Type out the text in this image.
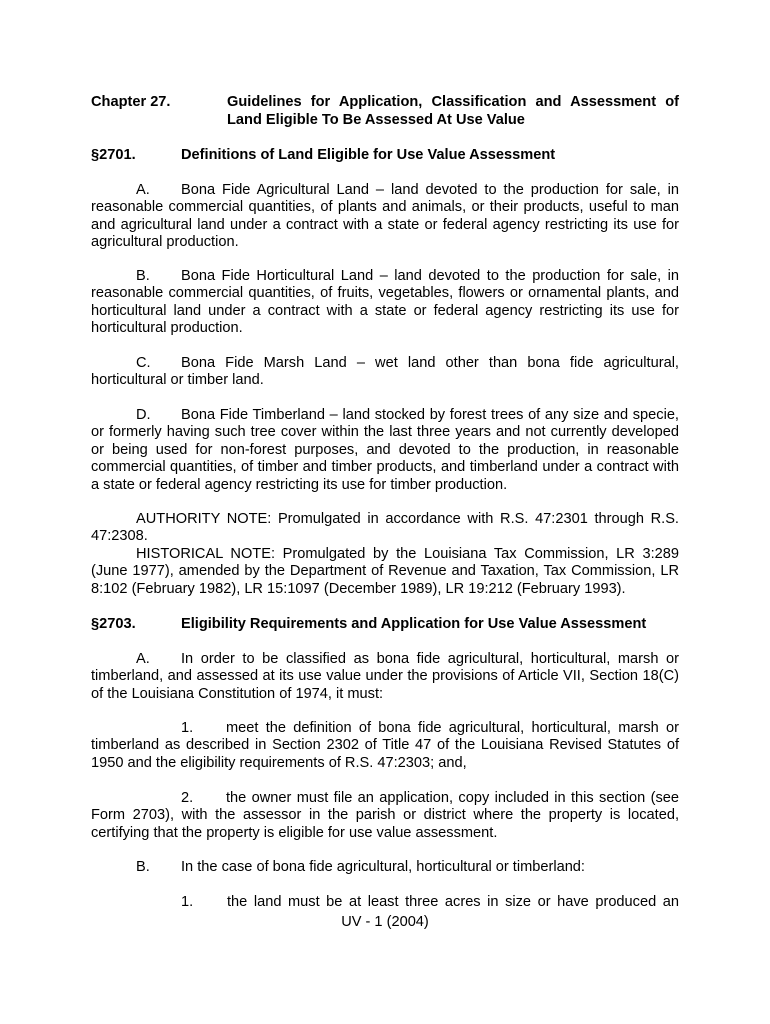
Chapter 27.	Guidelines for Application, Classification and Assessment of
Land Eligible To Be Assessed At Use Value
§2701.	Definitions of Land Eligible for Use Value Assessment
A. Bona Fide Agricultural Land – land devoted to the production for sale, in reasonable commercial quantities, of plants and animals, or their products, useful to man and agricultural land under a contract with a state or federal agency restricting its use for agricultural production.
B. Bona Fide Horticultural Land – land devoted to the production for sale, in reasonable commercial quantities, of fruits, vegetables, flowers or ornamental plants, and horticultural land under a contract with a state or federal agency restricting its use for horticultural production.
C. Bona Fide Marsh Land – wet land other than bona fide agricultural, horticultural or timber land.
D. Bona Fide Timberland – land stocked by forest trees of any size and specie, or formerly having such tree cover within the last three years and not currently developed or being used for non-forest purposes, and devoted to the production, in reasonable commercial quantities, of timber and timber products, and timberland under a contract with a state or federal agency restricting its use for timber production.
AUTHORITY NOTE: Promulgated in accordance with R.S. 47:2301 through R.S. 47:2308.
HISTORICAL NOTE: Promulgated by the Louisiana Tax Commission, LR 3:289 (June 1977), amended by the Department of Revenue and Taxation, Tax Commission, LR 8:102 (February 1982), LR 15:1097 (December 1989), LR 19:212 (February 1993).
§2703.	Eligibility Requirements and Application for Use Value Assessment
A. In order to be classified as bona fide agricultural, horticultural, marsh or timberland, and assessed at its use value under the provisions of Article VII, Section 18(C) of the Louisiana Constitution of 1974, it must:
1. meet the definition of bona fide agricultural, horticultural, marsh or timberland as described in Section 2302 of Title 47 of the Louisiana Revised Statutes of 1950 and the eligibility requirements of R.S. 47:2303; and,
2. the owner must file an application, copy included in this section (see Form 2703), with the assessor in the parish or district where the property is located, certifying that the property is eligible for use value assessment.
B. In the case of bona fide agricultural, horticultural or timberland:
1. the land must be at least three acres in size or have produced an
UV - 1 (2004)
